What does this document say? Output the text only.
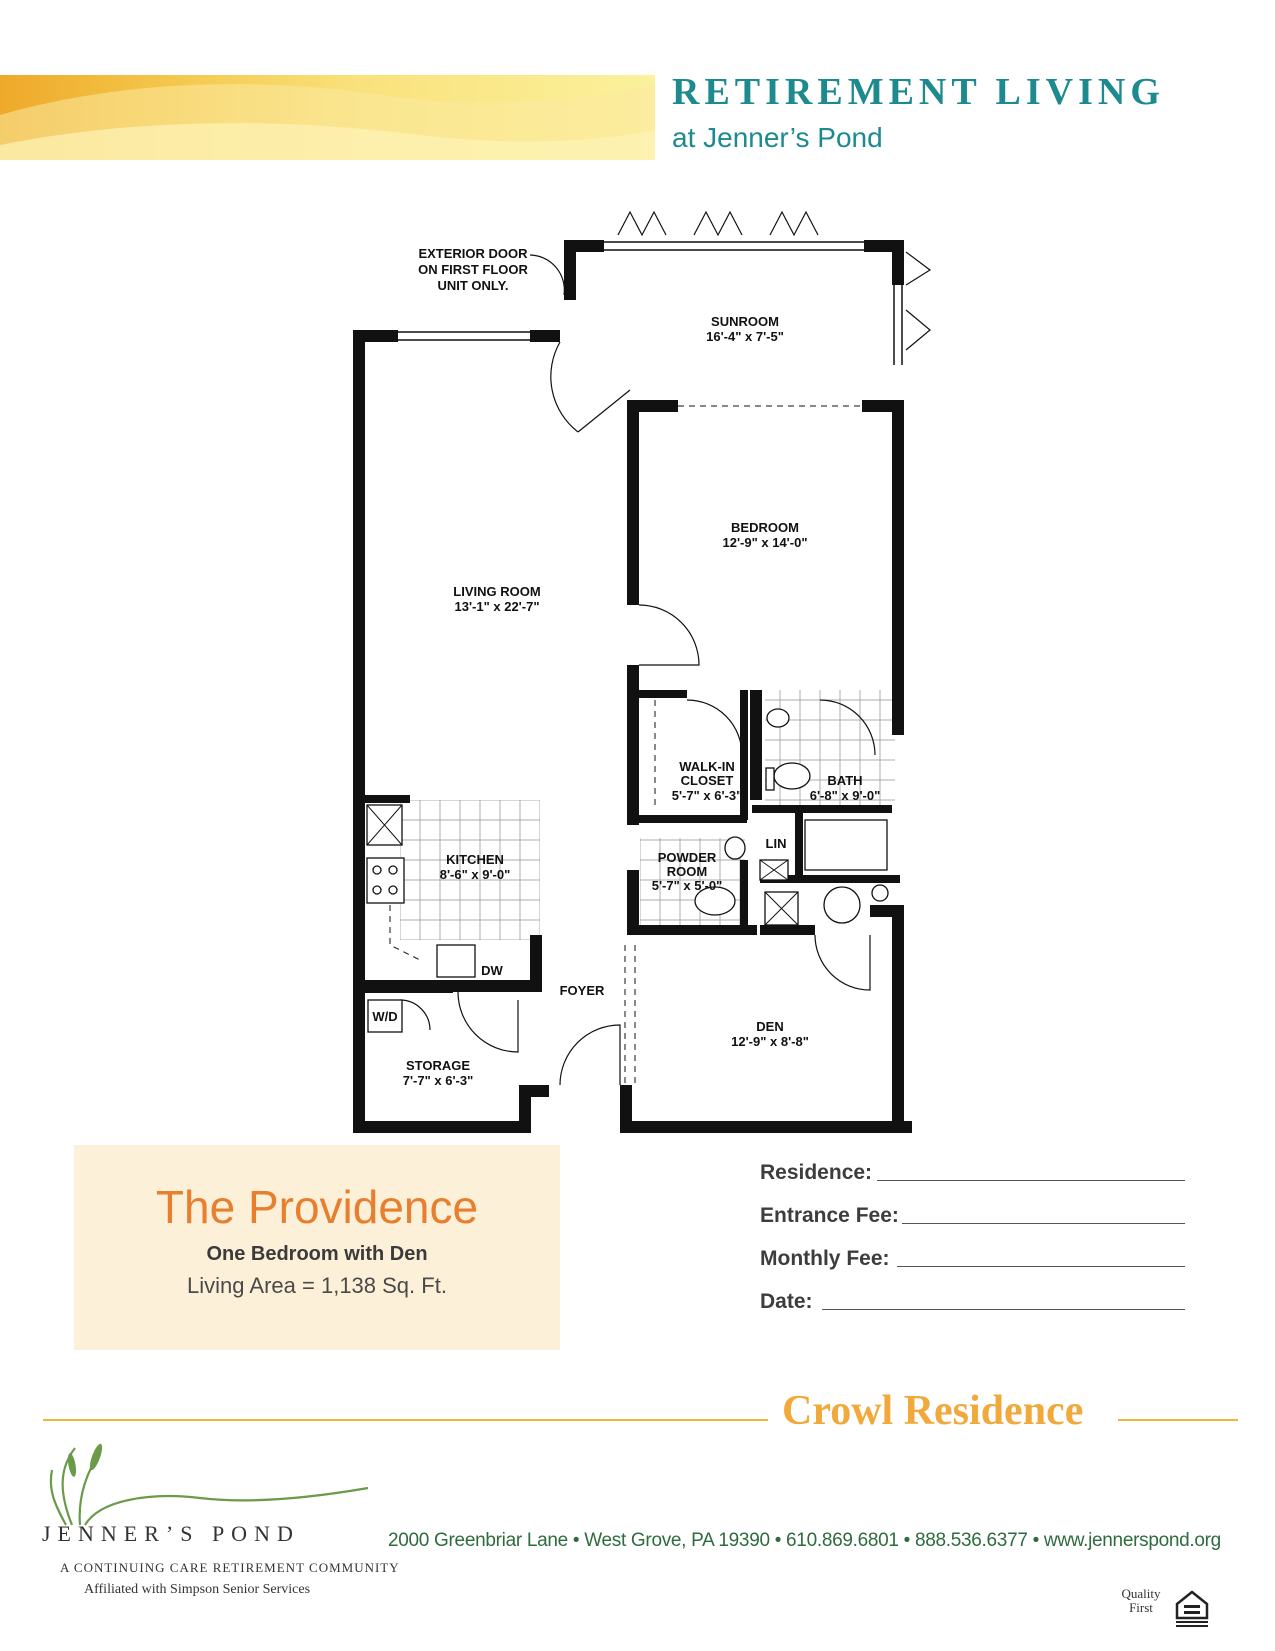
RETIREMENT LIVING
at Jenner’s Pond
EXTERIOR DOOR
ON FIRST FLOOR
UNIT ONLY.
SUNROOM
16'-4" x 7'-5"
BEDROOM
12'-9" x 14'-0"
LIVING ROOM
13'-1" x 22'-7"
WALK-IN
CLOSET
5'-7" x 6'-3"
BATH
6'-8" x 9'-0"
LIN
POWDER
ROOM
5'-7" x 5'-0"
KITCHEN
8'-6" x 9'-0"
DW
W/D
FOYER
STORAGE
7'-7" x 6'-3"
DEN
12'-9" x 8'-8"
The Providence
One Bedroom with Den
Living Area = 1,138 Sq. Ft.
Residence:
Entrance Fee:
Monthly Fee:
Date:
Crowl Residence
JENNER’S POND
A CONTINUING CARE RETIREMENT COMMUNITY
Affiliated with Simpson Senior Services
2000 Greenbriar Lane • West Grove, PA 19390 • 610.869.6801 • 888.536.6377 • www.jennerspond.org
Quality
First
